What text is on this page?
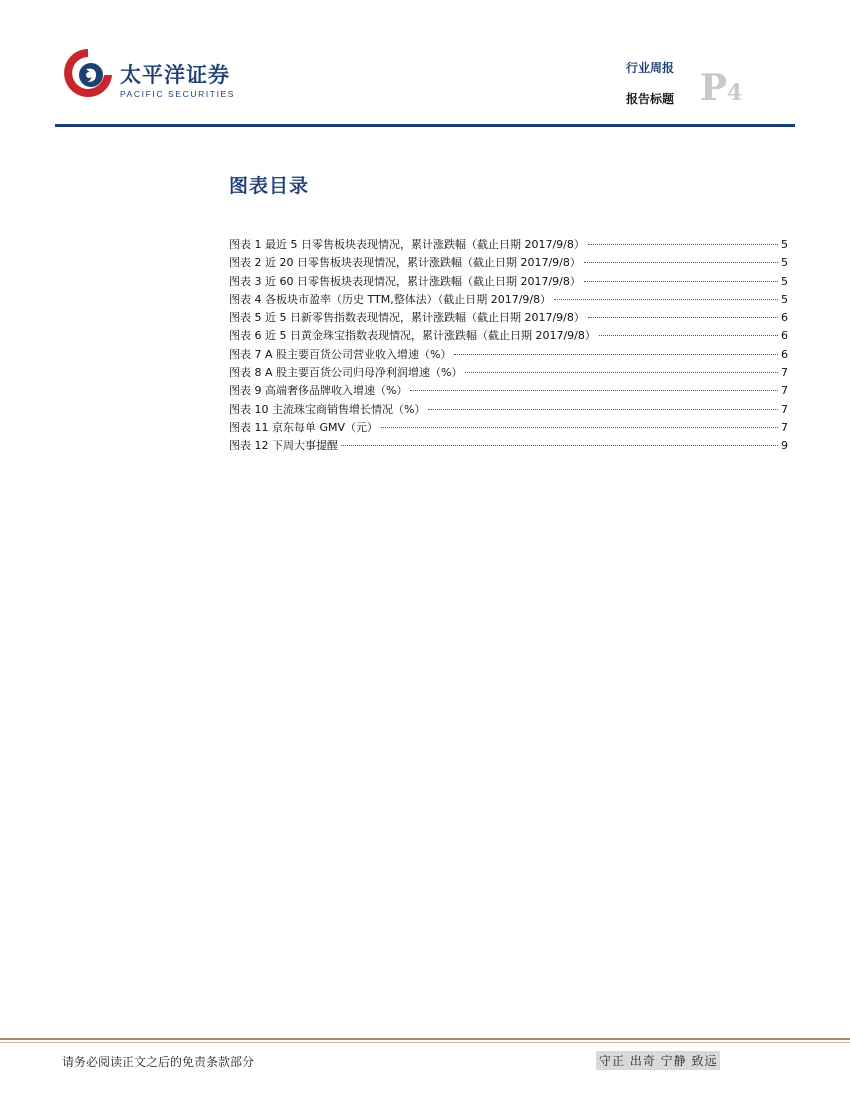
太平洋证券
PACIFIC SECURITIES
行业周报
报告标题 P4
图表目录
图表 1 最近 5 日零售板块表现情况，累计涨跌幅（截止日期 2017/9/8）	5
图表 2 近 20 日零售板块表现情况，累计涨跌幅（截止日期 2017/9/8）	5
图表 3 近 60 日零售板块表现情况，累计涨跌幅（截止日期 2017/9/8）	5
图表 4 各板块市盈率（历史 TTM,整体法）（截止日期 2017/9/8）	5
图表 5 近 5 日新零售指数表现情况，累计涨跌幅（截止日期 2017/9/8）	6
图表 6 近 5 日黄金珠宝指数表现情况，累计涨跌幅（截止日期 2017/9/8）	6
图表 7 A 股主要百货公司营业收入增速（%）	6
图表 8 A 股主要百货公司归母净利润增速（%）	7
图表 9 高端奢侈品牌收入增速（%）	7
图表 10 主流珠宝商销售增长情况（%）	7
图表 11 京东每单 GMV（元）	7
图表 12 下周大事提醒	9
请务必阅读正文之后的免责条款部分	守正 出奇 宁静 致远
